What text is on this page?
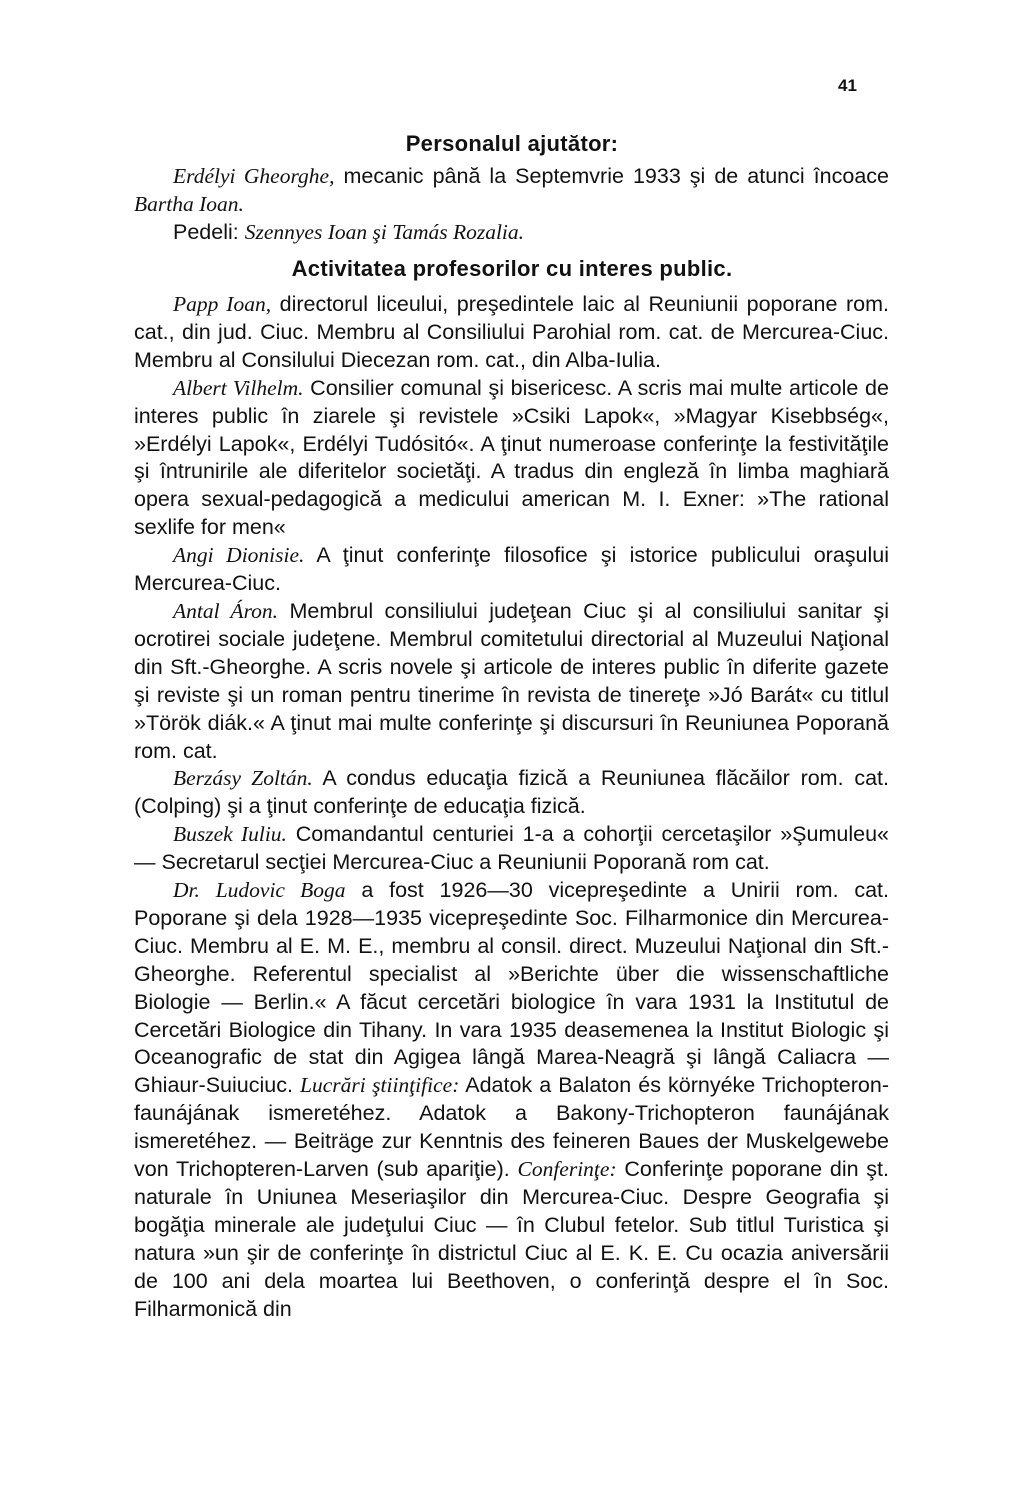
41
Personalul ajutător:

Erdélyi Gheorghe, mecanic până la Septemvrie 1933 şi de atunci încoace Bartha Ioan.

Pedeli: Szennyes Ioan şi Tamás Rozalia.

Activitatea profesorilor cu interes public.

Papp Ioan, directorul liceului, preşedintele laic al Reuniunii poporane rom. cat., din jud. Ciuc. Membru al Consiliului Parohial rom. cat. de Mercurea-Ciuc. Membru al Consilului Diecezan rom. cat., din Alba-Iulia.

Albert Vilhelm. Consilier comunal şi bisericesc. A scris mai multe articole de interes public în ziarele şi revistele »Csiki Lapok«, »Magyar Kisebbség«, »Erdélyi Lapok«, Erdélyi Tudósitó«. A ţinut numeroase conferinţe la festivităţile şi întrunirile ale diferitelor societăţi. A tradus din engleză în limba maghiară opera sexual-pedagogică a medicului american M. I. Exner: »The rational sexlife for men«

Angi Dionisie. A ţinut conferinţe filosofice şi istorice publicului oraşului Mercurea-Ciuc.

Antal Áron. Membrul consiliului judeţean Ciuc şi al consiliului sanitar şi ocrotirei sociale judeţene. Membrul comitetului directorial al Muzeului Naţional din Sft.-Gheorghe. A scris novele şi articole de interes public în diferite gazete şi reviste şi un roman pentru tinerime în revista de tinereţe »Jó Barát« cu titlul »Török diák.« A ţinut mai multe conferinţe şi discursuri în Reuniunea Poporană rom. cat.

Berzásy Zoltán. A condus educaţia fizică a Reuniunea flăcăilor rom. cat. (Colping) şi a ţinut conferinţe de educaţia fizică.

Buszek Iuliu. Comandantul centuriei 1-a a cohorţii cercetaşilor »Şumuleu« — Secretarul secţiei Mercurea-Ciuc a Reuniunii Poporană rom cat.

Dr. Ludovic Boga a fost 1926—30 vicepreşedinte a Unirii rom. cat. Poporane şi dela 1928—1935 vicepreşedinte Soc. Filharmonice din Mercurea-Ciuc. Membru al E. M. E., membru al consil. direct. Muzeului Naţional din Sft.-Gheorghe. Referentul specialist al »Berichte über die wissenschaftliche Biologie — Berlin.« A făcut cercetări biologice în vara 1931 la Institutul de Cercetări Biologice din Tihany. In vara 1935 deasemenea la Institut Biologic şi Oceanografic de stat din Agigea lângă Marea-Neagră şi lângă Caliacra — Ghiaur-Suiuciuc. Lucrări ştiinţifice: Adatok a Balaton és környéke Trichopteron-faunájának ismeretéhez. Adatok a Bakony-Trichopteron faunájának ismeretéhez. — Beiträge zur Kenntnis des feineren Baues der Muskelgewebe von Trichopteren-Larven (sub apariţie). Conferinţe: Conferinţe poporane din şt. naturale în Uniunea Meseriaşilor din Mercurea-Ciuc. Despre Geografia şi bogăţia minerale ale judeţului Ciuc — în Clubul fetelor. Sub titlul Turistica şi natura »un şir de conferinţe în districtul Ciuc al E. K. E. Cu ocazia aniversării de 100 ani dela moartea lui Beethoven, o conferinţă despre el în Soc. Filharmonică din
